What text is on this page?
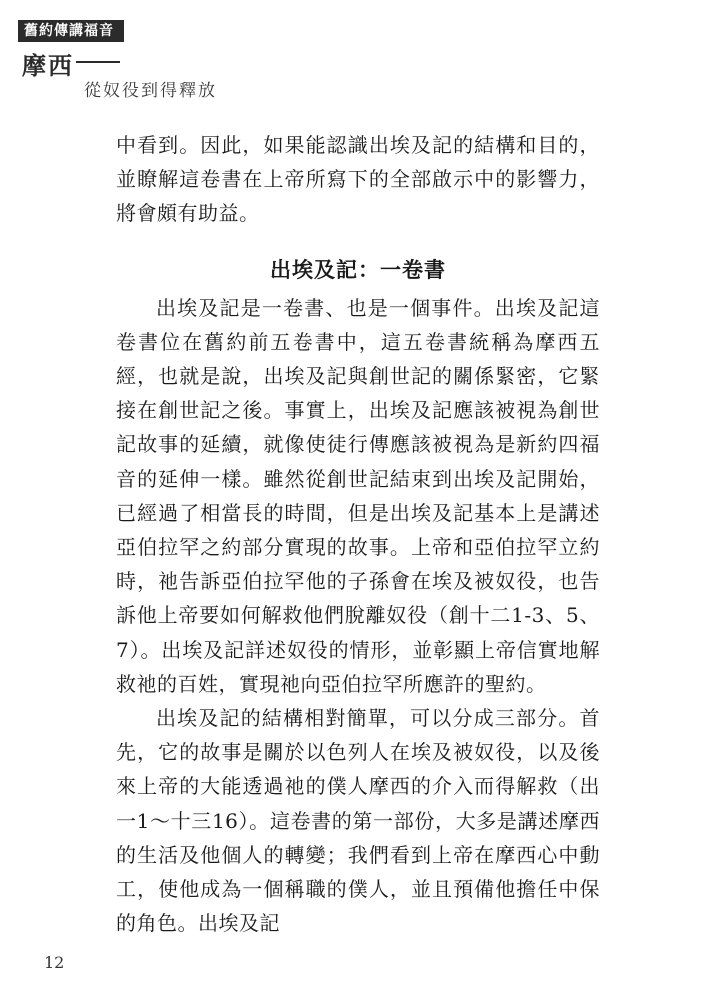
舊約傳講福音
摩西
從奴役到得釋放

中看到。因此，如果能認識出埃及記的結構和目的，並瞭解這卷書在上帝所寫下的全部啟示中的影響力，將會頗有助益。

出埃及記：一卷書

出埃及記是一卷書、也是一個事件。出埃及記這卷書位在舊約前五卷書中，這五卷書統稱為摩西五經，也就是說，出埃及記與創世記的關係緊密，它緊接在創世記之後。事實上，出埃及記應該被視為創世記故事的延續，就像使徒行傳應該被視為是新約四福音的延伸一樣。雖然從創世記結束到出埃及記開始，已經過了相當長的時間，但是出埃及記基本上是講述亞伯拉罕之約部分實現的故事。上帝和亞伯拉罕立約時，祂告訴亞伯拉罕他的子孫會在埃及被奴役，也告訴他上帝要如何解救他們脫離奴役（創十二1-3、5、7）。出埃及記詳述奴役的情形，並彰顯上帝信實地解救祂的百姓，實現祂向亞伯拉罕所應許的聖約。

出埃及記的結構相對簡單，可以分成三部分。首先，它的故事是關於以色列人在埃及被奴役，以及後來上帝的大能透過祂的僕人摩西的介入而得解救（出一1～十三16）。這卷書的第一部份，大多是講述摩西的生活及他個人的轉變；我們看到上帝在摩西心中動工，使他成為一個稱職的僕人，並且預備他擔任中保的角色。出埃及記

12
